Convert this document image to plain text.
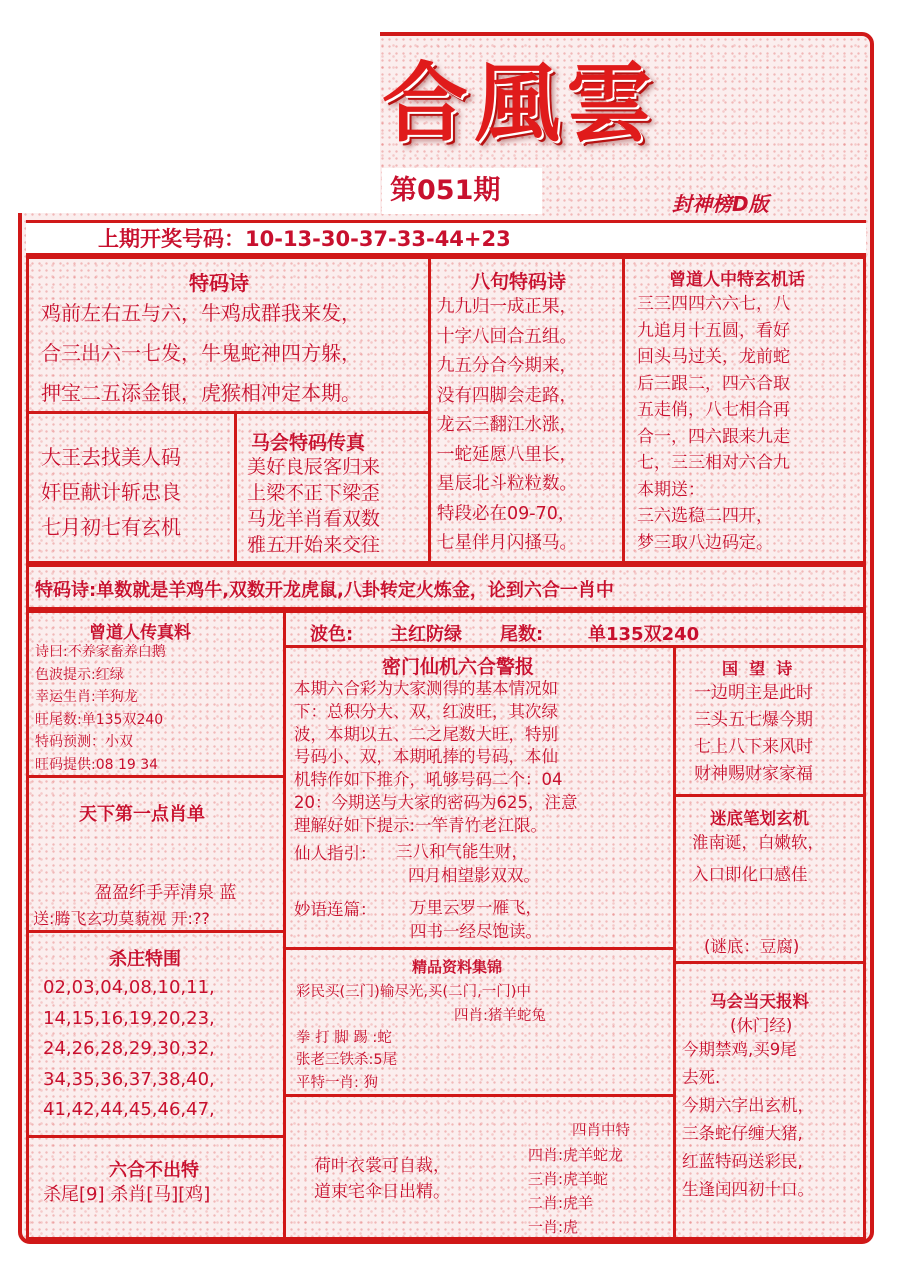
合風雲
第051期	封神榜D版
上期开奖号码：10-13-30-37-33-44+23
特码诗
鸡前左右五与六，牛鸡成群我来发，
合三出六一七发，牛鬼蛇神四方躲，
押宝二五添金银，虎猴相冲定本期。
大王去找美人码
奸臣献计斩忠良
七月初七有玄机
马会特码传真
美好良辰客归来
上梁不正下梁歪
马龙羊肖看双数
雅五开始来交往
八句特码诗
九九归一成正果，
十字八回合五组。
九五分合今期来，
没有四脚会走路，
龙云三翻江水涨，
一蛇延愿八里长，
星辰北斗粒粒数。
特段必在09-70，
七星伴月闪搔马。
曾道人中特玄机话
三三四四六六七，八
九追月十五圆，看好
回头马过关，龙前蛇
后三跟二，四六合取
五走俏，八七相合再
合一，四六跟来九走
七，三三相对六合九
本期送：
三六选稳二四开，
梦三取八边码定。
特码诗:单数就是羊鸡牛,双数开龙虎鼠,八卦转定火炼金，论到六合一肖中
曾道人传真料
诗曰:不养家畜养白鹅
色波提示:红绿
幸运生肖:羊狗龙
旺尾数:单135双240
特码预测：小双
旺码提供:08 19 34
天下第一点肖单
盈盈纤手弄清泉 蓝
送:腾飞玄功莫藐视 开:??
杀庄特围
02,03,04,08,10,11,
14,15,16,19,20,23,
24,26,28,29,30,32,
34,35,36,37,38,40,
41,42,44,45,46,47,
六合不出特
杀尾[9] 杀肖[马][鸡]
波色: 主红防绿 尾数: 单135双240
密门仙机六合警报
本期六合彩为大家测得的基本情况如
下：总积分大、双，红波旺，其次绿
波，本期以五、二之尾数大旺，特别
号码小、双，本期吼捧的号码，本仙
机特作如下推介，吼够号码二个：04
20：今期送与大家的密码为625，注意
理解好如下提示:一竿青竹老江限。
仙人指引： 三八和气能生财，
四月相望影双双。
妙语连篇： 万里云罗一雁飞，
四书一经尽饱读。
精品资料集锦
彩民买(三门)输尽光,买(二门,一门)中
四肖:猪羊蛇兔
拳 打 脚 踢 :蛇
张老三铁杀:5尾
平特一肖: 狗
荷叶衣裳可自裁，
道束宅伞日出精。
四肖中特
四肖:虎羊蛇龙
三肖:虎羊蛇
二肖:虎羊
一肖:虎
国  望  诗
一边明主是此时
三头五七爆今期
七上八下来风时
财神赐财家家福
迷底笔划玄机
淮南诞，白嫩软，
入口即化口感佳
(谜底：豆腐)
马会当天报料
(休门经)
今期禁鸡,买9尾
去死.
今期六字出玄机，
三条蛇仔缠大猪,
红蓝特码送彩民,
生逢闰四初十口。
